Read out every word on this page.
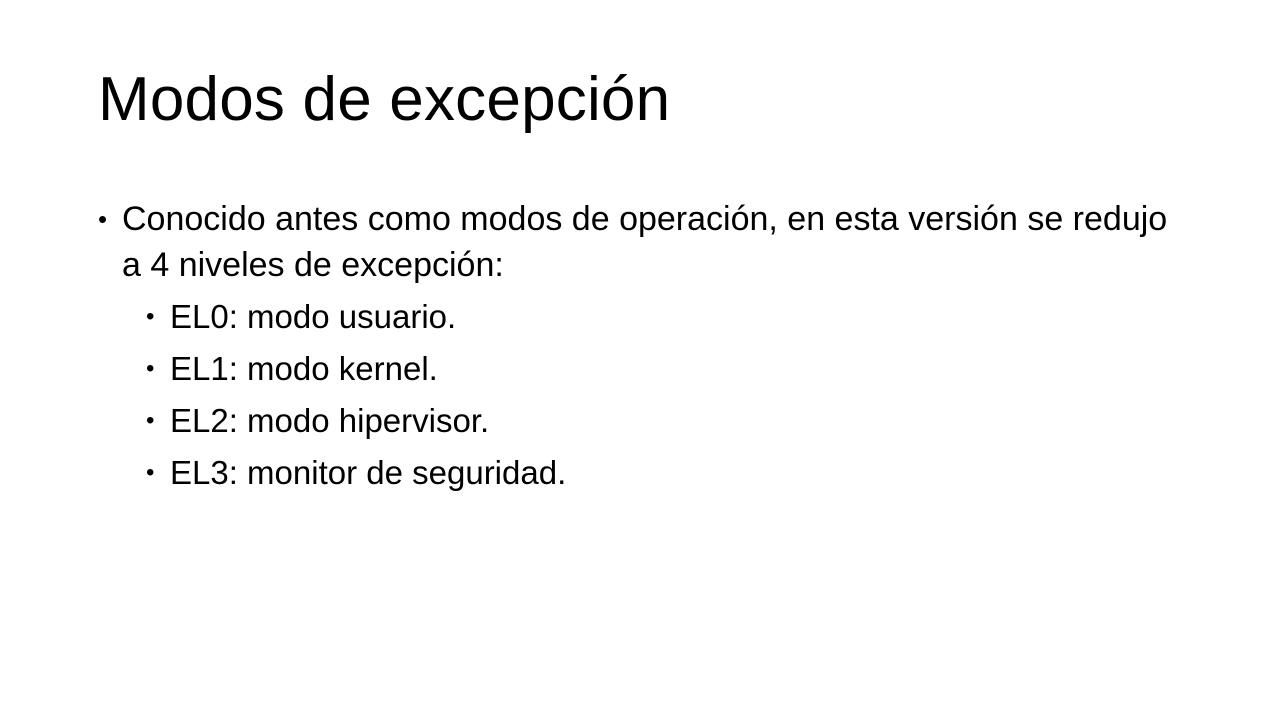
Modos de excepción
• Conocido antes como modos de operación, en esta versión se redujo a 4 niveles de excepción:
• EL0: modo usuario.
• EL1: modo kernel.
• EL2: modo hipervisor.
• EL3: monitor de seguridad.
